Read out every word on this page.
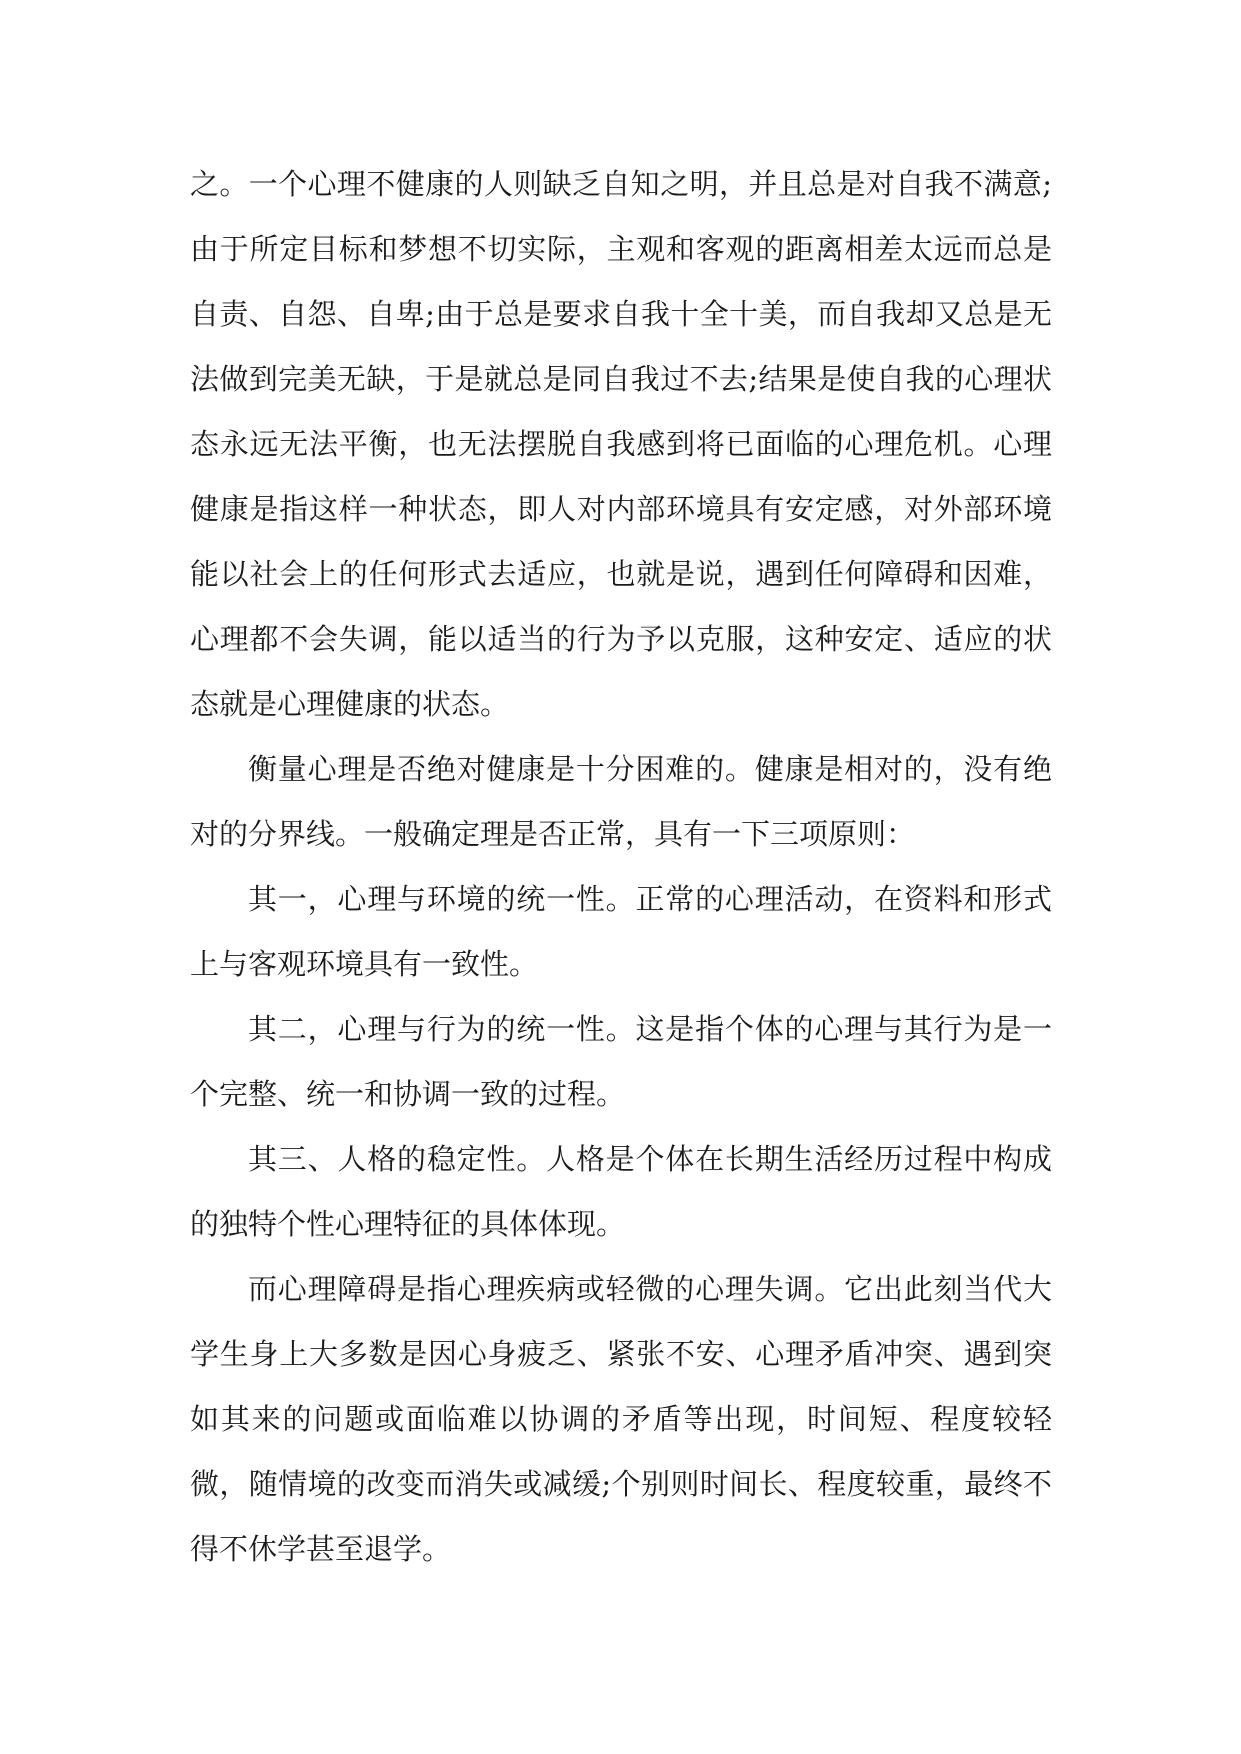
之。一个心理不健康的人则缺乏自知之明，并且总是对自我不满意;由于所定目标和梦想不切实际，主观和客观的距离相差太远而总是自责、自怨、自卑;由于总是要求自我十全十美，而自我却又总是无法做到完美无缺，于是就总是同自我过不去;结果是使自我的心理状态永远无法平衡，也无法摆脱自我感到将已面临的心理危机。心理健康是指这样一种状态，即人对内部环境具有安定感，对外部环境能以社会上的任何形式去适应，也就是说，遇到任何障碍和因难，心理都不会失调，能以适当的行为予以克服，这种安定、适应的状态就是心理健康的状态。

衡量心理是否绝对健康是十分困难的。健康是相对的，没有绝对的分界线。一般确定理是否正常，具有一下三项原则：

其一，心理与环境的统一性。正常的心理活动，在资料和形式上与客观环境具有一致性。

其二，心理与行为的统一性。这是指个体的心理与其行为是一个完整、统一和协调一致的过程。

其三、人格的稳定性。人格是个体在长期生活经历过程中构成的独特个性心理特征的具体体现。

而心理障碍是指心理疾病或轻微的心理失调。它出此刻当代大学生身上大多数是因心身疲乏、紧张不安、心理矛盾冲突、遇到突如其来的问题或面临难以协调的矛盾等出现，时间短、程度较轻微，随情境的改变而消失或减缓;个别则时间长、程度较重，最终不得不休学甚至退学。
